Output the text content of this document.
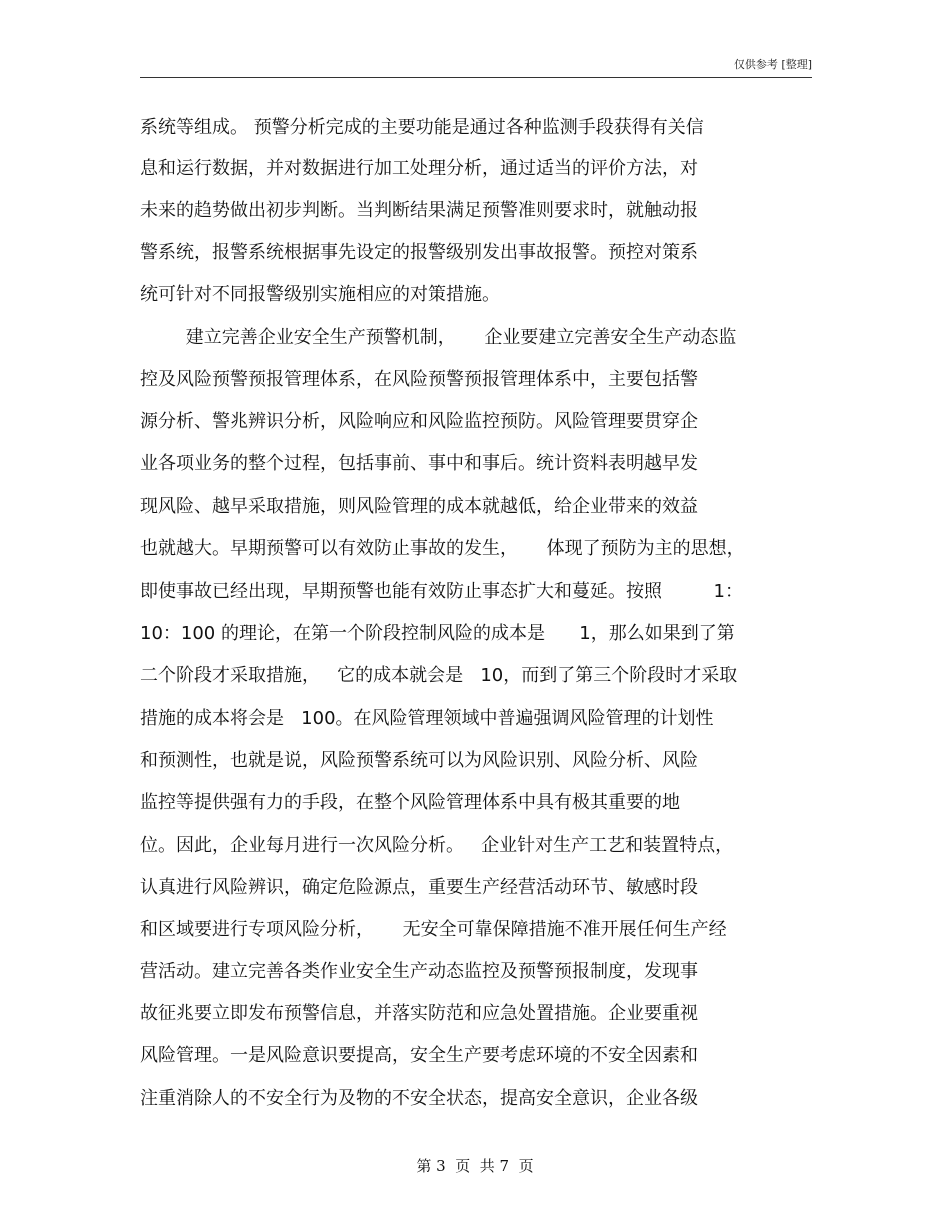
仅供参考 [整理]
系统等组成。 预警分析完成的主要功能是通过各种监测手段获得有关信
息和运行数据，并对数据进行加工处理分析，通过适当的评价方法，对
未来的趋势做出初步判断。当判断结果满足预警准则要求时，就触动报
警系统，报警系统根据事先设定的报警级别发出事故报警。预控对策系
统可针对不同报警级别实施相应的对策措施。
建立完善企业安全生产预警机制，     企业要建立完善安全生产动态监
控及风险预警预报管理体系，在风险预警预报管理体系中，主要包括警
源分析、警兆辨识分析，风险响应和风险监控预防。风险管理要贯穿企
业各项业务的整个过程，包括事前、事中和事后。统计资料表明越早发
现风险、越早采取措施，则风险管理的成本就越低，给企业带来的效益
也就越大。早期预警可以有效防止事故的发生，     体现了预防为主的思想，
即使事故已经出现，早期预警也能有效防止事态扩大和蔓延。按照         1：
10：100 的理论，在第一个阶段控制风险的成本是      1，那么如果到了第
二个阶段才采取措施，   它的成本就会是   10，而到了第三个阶段时才采取
措施的成本将会是   100。在风险管理领域中普遍强调风险管理的计划性
和预测性，也就是说，风险预警系统可以为风险识别、风险分析、风险
监控等提供强有力的手段，在整个风险管理体系中具有极其重要的地
位。因此，企业每月进行一次风险分析。   企业针对生产工艺和装置特点，
认真进行风险辨识，确定危险源点，重要生产经营活动环节、敏感时段
和区域要进行专项风险分析，     无安全可靠保障措施不准开展任何生产经
营活动。建立完善各类作业安全生产动态监控及预警预报制度，发现事
故征兆要立即发布预警信息，并落实防范和应急处置措施。企业要重视
风险管理。一是风险意识要提高，安全生产要考虑环境的不安全因素和
注重消除人的不安全行为及物的不安全状态，提高安全意识，企业各级
第 3  页  共 7  页
